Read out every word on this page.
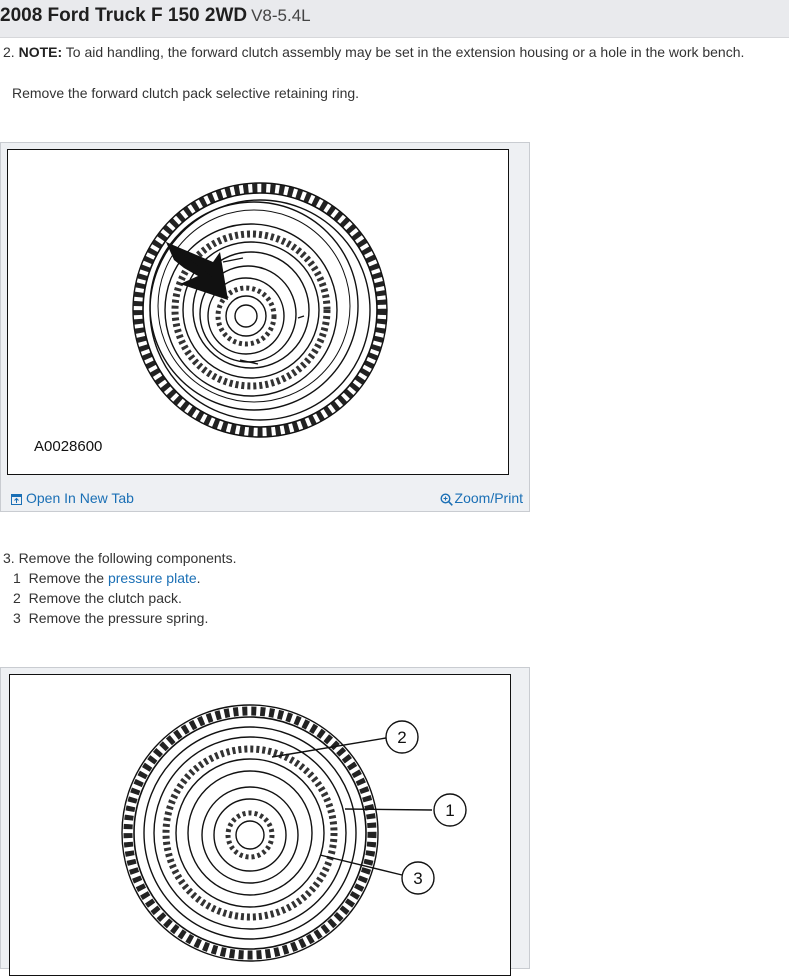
2008 Ford Truck F 150 2WD V8-5.4L
2. NOTE: To aid handling, the forward clutch assembly may be set in the extension housing or a hole in the work bench.
Remove the forward clutch pack selective retaining ring.
A0028600
Open In New Tab	Zoom/Print
3. Remove the following components.
1 Remove the pressure plate.
2 Remove the clutch pack.
3 Remove the pressure spring.
2
1
3
